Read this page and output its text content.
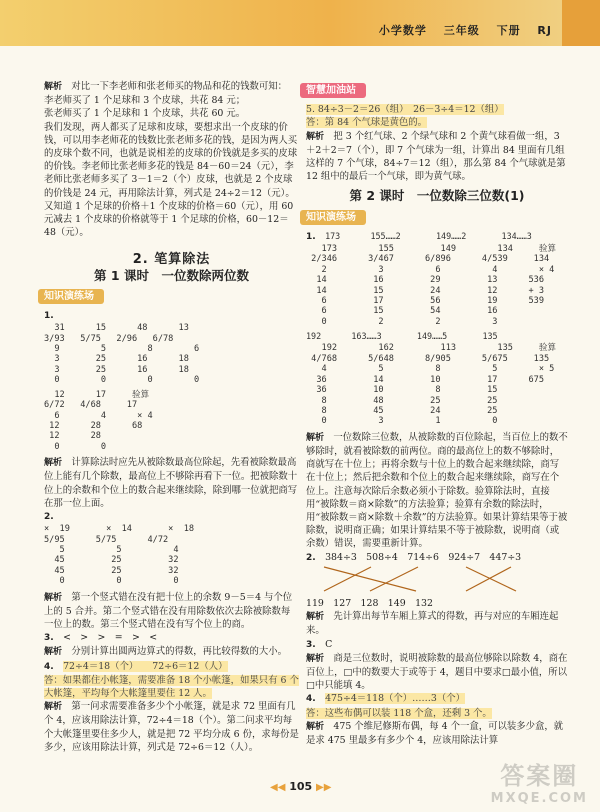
小学数学 三年级 下册 RJ

解析　 对比一下李老师和张老师买的物品和花的钱数可知：

李老师买了 1 个足球和 3 个皮球，共花 84 元；

张老师买了 1 个足球和 1 个皮球，共花 60 元。

我们发现，两人都买了足球和皮球，要想求出一个皮球的价钱，可以用李老师花的钱数比张老师多花的钱，是因为两人买的皮球个数不同，也就是说相差的皮球的价钱就是多买的皮球的价钱。李老师比张老师多花的钱是 84－60＝24（元），李老师比张老师多买了 3－1＝2（个）皮球，也就是 2 个皮球的价钱是 24 元，再用除法计算，列式是 24÷2＝12（元）。又知道 1 个足球的价格＋1 个皮球的价格＝60（元），用 60 元减去 1 个皮球的价格就等于 1 个足球的价格，60－12＝48（元）。

2. 笔算除法
第 1 课时　一位数除两位数
知识演练场

1.

31      15      48      13
3/93   5/75   2/96   6/78
9        5        8        6
3       25      16      18
3       25      16      18
0        0        0        0
12      17     验算
6/72   4/68     17
6        4      × 4
12      28      68
12      28
0        0

解析　 计算除法时应先从被除数最高位除起，先看被除数最高位上能有几个除数，最高位上不够除再看下一位。把被除数十位上的余数和个位上的数合起来继续除，除到哪一位就把商写在那一位上面。

2.

×  19       ×  14       ×  18
5/95      5/75      4/72
5          5          4
45         25         32
45         25         32
0          0          0

解析　 第一个竖式错在没有把十位上的余数 9－5＝4 与个位上的 5 合并。第二个竖式错在没有用除数依次去除被除数每一位上的数。第三个竖式错在没有写个位上的商。

3.　 <　>　>　=　>　<

解析　 分别计算出圆两边算式的得数，再比较得数的大小。

4.　 72÷4＝18（个）　　72÷6＝12（人）

答：如果都住小帐篷，需要准备 18 个小帐篷，如果只有 6 个大帐篷，平均每个大帐篷里要住 12 人。

解析　 第一问求需要准备多少个小帐篷，就是求 72 里面有几个 4，应该用除法计算，72÷4＝18（个）。第二问求平均每个大帐篷里要住多少人，就是把 72 平均分成 6 份，求每份是多少，应该用除法计算，列式是 72÷6＝12（人）。

智慧加油站

5. 84÷3－2＝26（组）　26－3÷4＝12（组）

答：第 84 个气球是黄色的。

解析　 把 3 个红气球、2 个绿气球和 2 个黄气球看做一组，3＋2＋2＝7（个），即 7 个气球为一组，计算出 84 里面有几组这样的 7 个气球，84÷7＝12（组），那么第 84 个气球就是第 12 组中的最后一个气球，即为黄气球。

第 2 课时　一位数除三位数(1)
知识演练场

1.　 173      155……2       149……2       134……3

173        155         149        134     验算
2/346      3/467      6/896      4/539     134
2          3          6          4        × 4
14         16         29         13      536
14         15         24         12      + 3
6         17         56         19      539
6         15         54         16
0          2          2          3

192      163……3       149……5       135

192        162         113        135     验算
4/768      5/648      8/905      5/675     135
4          5          8          5        × 5
36         14         10         17      675
36         10          8         15
8         48         25         25
8         45         24         25
0          3          1          0

解析　 一位数除三位数，从被除数的百位除起，当百位上的数不够除时，就看被除数的前两位。商的最高位上的数不够除时，商就写在十位上；再将余数与十位上的数合起来继续除，商写在十位上；然后把余数和个位上的数合起来继续除，商写在个位上。注意每次除后余数必须小于除数。验算除法时，直接用“被除数＝商×除数”的方法验算；验算有余数的除法时，用“被除数＝商×除数＋余数”的方法验算。如果计算结果等于被除数，说明商正确；如果计算结果不等于被除数，说明商（或余数）错误，需要重新计算。

2.　 384÷3　508÷4　714÷6　924÷7　447÷3

119　127　128　149　132

解析　 先计算出每节车厢上算式的得数，再与对应的车厢连起来。

3.　 C

解析　 商是三位数时，说明被除数的最高位够除以除数 4，商在百位上，□中的数要大于或等于 4，题目中要求□最小值，所以□中只能填 4。

4.　 475÷4＝118（个）……3（个）

答：这些布偶可以装 118 个盒，还剩 3 个。

解析　 475 个维尼修斯布偶，每 4 个一盒，可以装多少盒，就是求 475 里最多有多少个 4，应该用除法计算

◀◀ 105 ▶▶	答案圈
MXQE.COM
